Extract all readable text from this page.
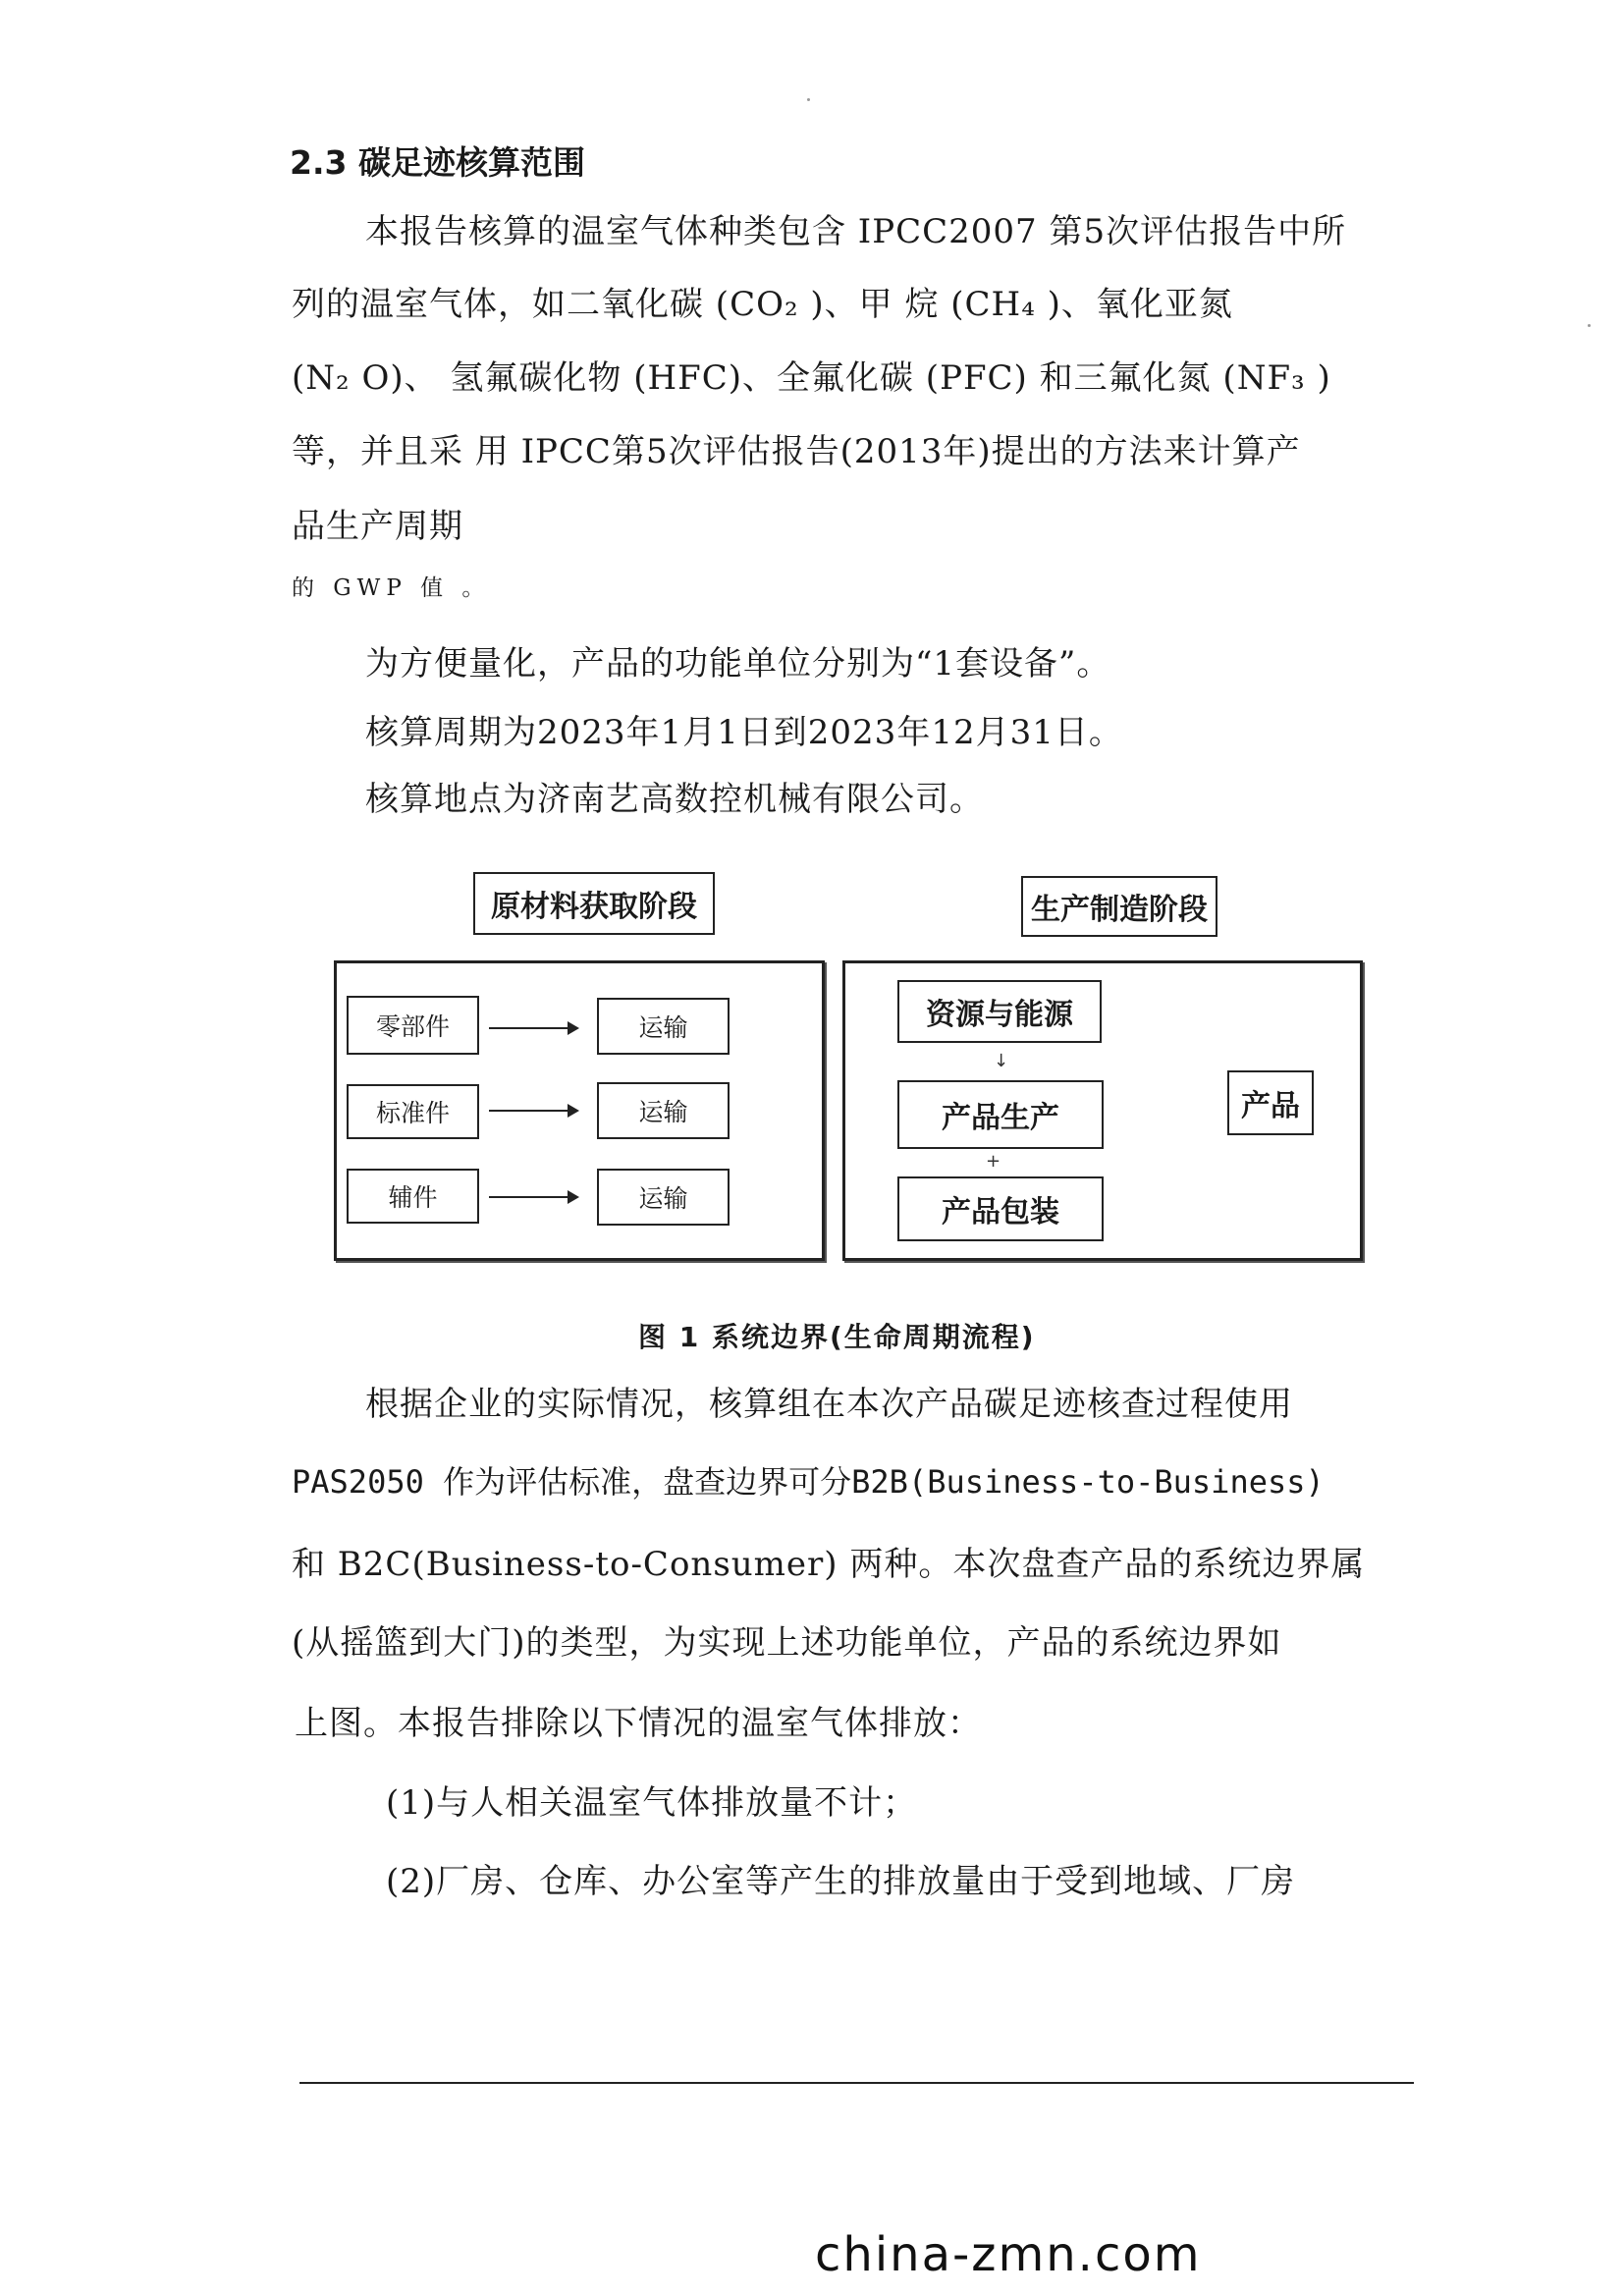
2.3 碳足迹核算范围
本报告核算的温室气体种类包含 IPCC2007 第5次评估报告中所
列的温室气体，如二氧化碳 (CO₂ )、甲 烷 (CH₄ )、氧化亚氮
(N₂ O)、 氢氟碳化物 (HFC)、全氟化碳 (PFC) 和三氟化氮 (NF₃ )
等，并且采 用 IPCC第5次评估报告(2013年)提出的方法来计算产
品生产周期
的 GWP 值 。
为方便量化，产品的功能单位分别为“1套设备”。
核算周期为2023年1月1日到2023年12月31日。
核算地点为济南艺高数控机械有限公司。
原材料获取阶段	生产制造阶段
零部件
标准件
辅件
运输
运输
运输
资源与能源
↓
产品生产
+
产品包装
产品
图 1 系统边界(生命周期流程)
根据企业的实际情况，核算组在本次产品碳足迹核查过程使用
PAS2050 作为评估标准，盘查边界可分B2B(Business-to-Business)
和 B2C(Business-to-Consumer) 两种。本次盘查产品的系统边界属
(从摇篮到大门)的类型，为实现上述功能单位，产品的系统边界如
上图。本报告排除以下情况的温室气体排放：
(1)与人相关温室气体排放量不计；
(2)厂房、仓库、办公室等产生的排放量由于受到地域、厂房
china-zmn.com
